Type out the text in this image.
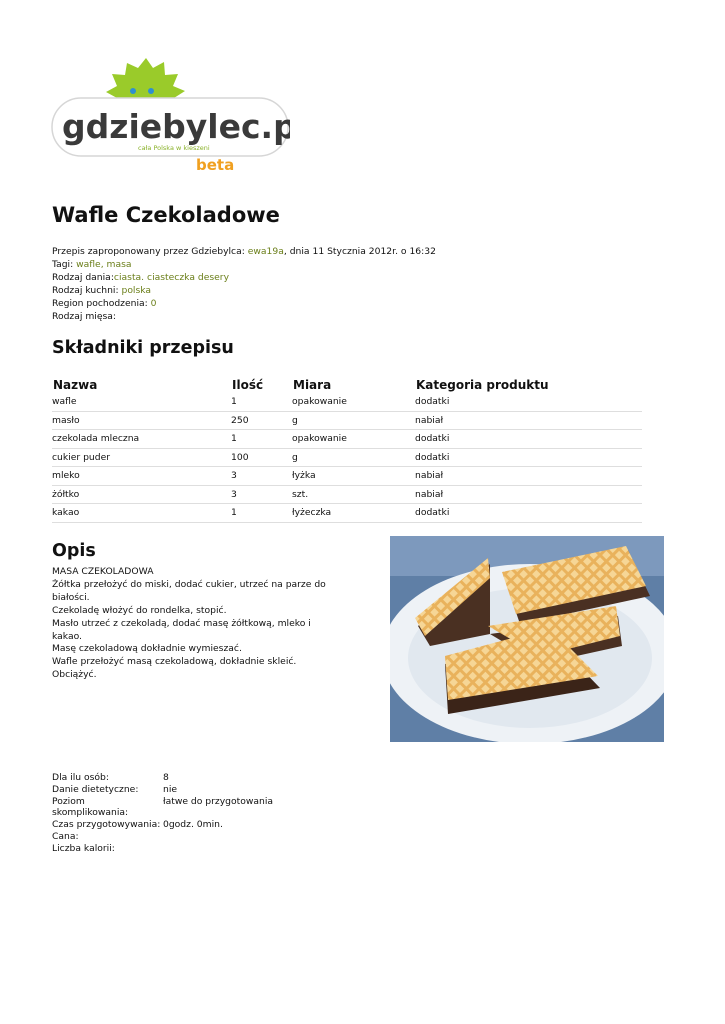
gdziebylec.pl
cała Polska w kieszeni
beta
Wafle Czekoladowe
Przepis zaproponowany przez Gdziebylca: ewa19a, dnia 11 Stycznia 2012r. o 16:32
Tagi: wafle, masa
Rodzaj dania:ciasta. ciasteczka desery
Rodzaj kuchni: polska
Region pochodzenia: 0
Rodzaj mięsa:
Składniki przepisu
Nazwa	Ilość	Miara	Kategoria produktu
wafle	1	opakowanie	dodatki
masło	250	g	nabiał
czekolada mleczna	1	opakowanie	dodatki
cukier puder	100	g	dodatki
mleko	3	łyżka	nabiał
żółtko	3	szt.	nabiał
kakao	1	łyżeczka	dodatki
Opis
MASA CZEKOLADOWA
Żółtka przełożyć do miski, dodać cukier, utrzeć na parze do białości.
Czekoladę włożyć do rondelka, stopić.
Masło utrzeć z czekoladą, dodać masę żółtkową, mleko i kakao.
Masę czekoladową dokładnie wymieszać.
Wafle przełożyć masą czekoladową, dokładnie skleić.
Obciążyć.
Dla ilu osób:	8
Danie dietetyczne:	nie
Poziom skomplikowania:	łatwe do przygotowania
Czas przygotowywania:	0godz. 0min.
Cana:	
Liczba kalorii:	
